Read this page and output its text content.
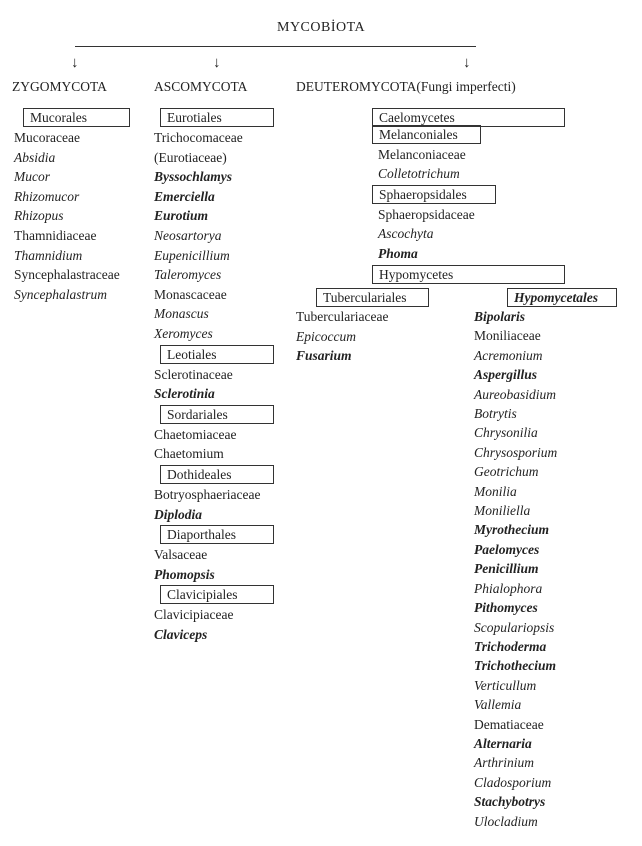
MYCOBİOTA
↓	↓	↓
ZYGOMYCOTA	ASCOMYCOTA	DEUTEROMYCOTA(Fungi imperfecti)
Mucorales
Mucoraceae
Absidia
Mucor
Rhizomucor
Rhizopus
Thamnidiaceae
Thamnidium
Syncephalastraceae
Syncephalastrum
Eurotiales
Trichocomaceae
(Eurotiaceae)
Byssochlamys
Emerciella
Eurotium
Neosartorya
Eupenicillium
Taleromyces
Monascaceae
Monascus
Xeromyces
Leotiales
Sclerotinaceae
Sclerotinia
Sordariales
Chaetomiaceae
Chaetomium
Dothideales
Botryosphaeriaceae
Diplodia
Diaporthales
Valsaceae
Phomopsis
Clavicipiales
Clavicipiaceae
Claviceps
Caelomycetes
Melanconiales
Melanconiaceae
Colletotrichum
Sphaeropsidales
Sphaeropsidaceae
Ascochyta
Phoma
Hypomycetes
Tuberculariales	Hypomycetales
Tuberculariaceae
Epicoccum
Fusarium
Bipolaris
Moniliaceae
Acremonium
Aspergillus
Aureobasidium
Botrytis
Chrysonilia
Chrysosporium
Geotrichum
Monilia
Moniliella
Myrothecium
Paelomyces
Penicillium
Phialophora
Pithomyces
Scopulariopsis
Trichoderma
Trichothecium
Verticullum
Vallemia
Dematiaceae
Alternaria
Arthrinium
Cladosporium
Stachybotrys
Ulocladium
